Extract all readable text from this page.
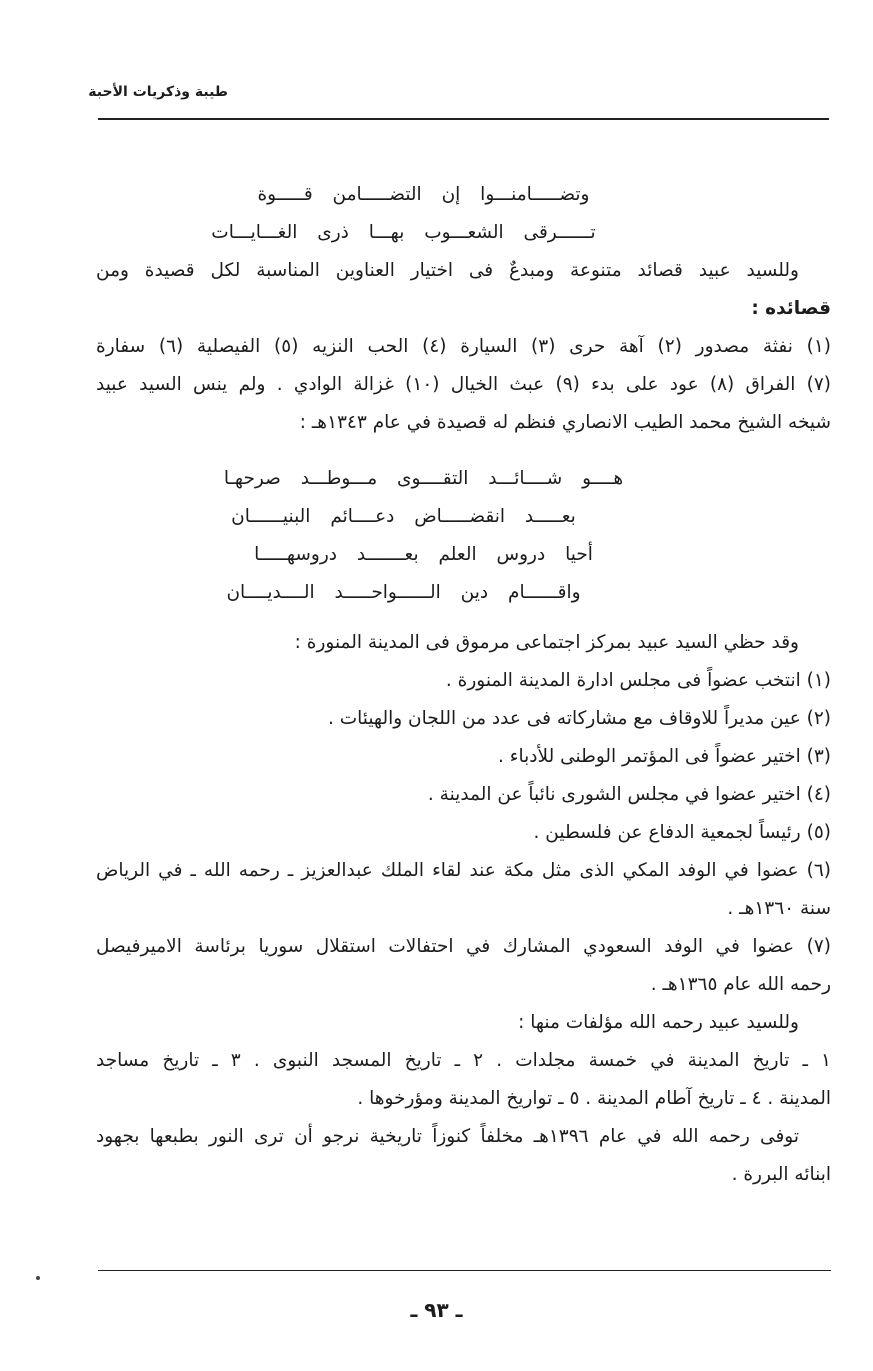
طيبة وذكريات الأحبة
وتضـــــامنـــوا إن التضـــــامن قـــــوة
تــــــرقى الشعـــوب بهـــا ذرى الغـــايـــات
وللسيد عبيد قصائد متنوعة ومبدعٌ فى اختيار العناوين المناسبة لكل قصيدة ومن
قصائده :
(١) نفثة مصدور (٢) آهة حرى (٣) السيارة (٤) الحب النزيه (٥) الفيصلية (٦) سفارة
(٧) الفراق (٨) عود على بدء (٩) عبث الخيال (١٠) غزالة الوادي . ولم ينس السيد عبيد
شيخه الشيخ محمد الطيب الانصاري فنظم له قصيدة في عام ١٣٤٣هـ :
هــــو شــــائـــد التقــــوى مـــوطـــد صرحهـا
بعـــــد انقضـــــاض دعــــائم البنيــــــان
أحيا دروس العلم بعـــــــد دروسهـــــا
واقــــــام دين الــــــواحـــــد الــــديــــان
وقد حظي السيد عبيد بمركز اجتماعى مرموق فى المدينة المنورة :
(١) انتخب عضواً فى مجلس ادارة المدينة المنورة .
(٢) عين مديراً للاوقاف مع مشاركاته فى عدد من اللجان والهيئات .
(٣) اختير عضواً فى المؤتمر الوطنى للأدباء .
(٤) اختير عضوا في مجلس الشورى نائباً عن المدينة .
(٥) رئيساً لجمعية الدفاع عن فلسطين .
(٦) عضوا في الوفد المكي الذى مثل مكة عند لقاء الملك عبدالعزيز ـ رحمه الله ـ في الرياض
سنة ١٣٦٠هـ .
(٧) عضوا في الوفد السعودي المشارك في احتفالات استقلال سوريا برئاسة الاميرفيصل
رحمه الله عام ١٣٦٥هـ .
وللسيد عبيد رحمه الله مؤلفات منها :
١ ـ تاريخ المدينة في خمسة مجلدات . ٢ ـ تاريخ المسجد النبوى . ٣ ـ تاريخ مساجد
المدينة . ٤ ـ تاريخ آطام المدينة . ٥ ـ تواريخ المدينة ومؤرخوها .
توفى رحمه الله في عام ١٣٩٦هـ مخلفاً كنوزاً تاريخية نرجو أن ترى النور بطبعها بجهود
ابنائه البررة .
ـ ٩٣ ـ
